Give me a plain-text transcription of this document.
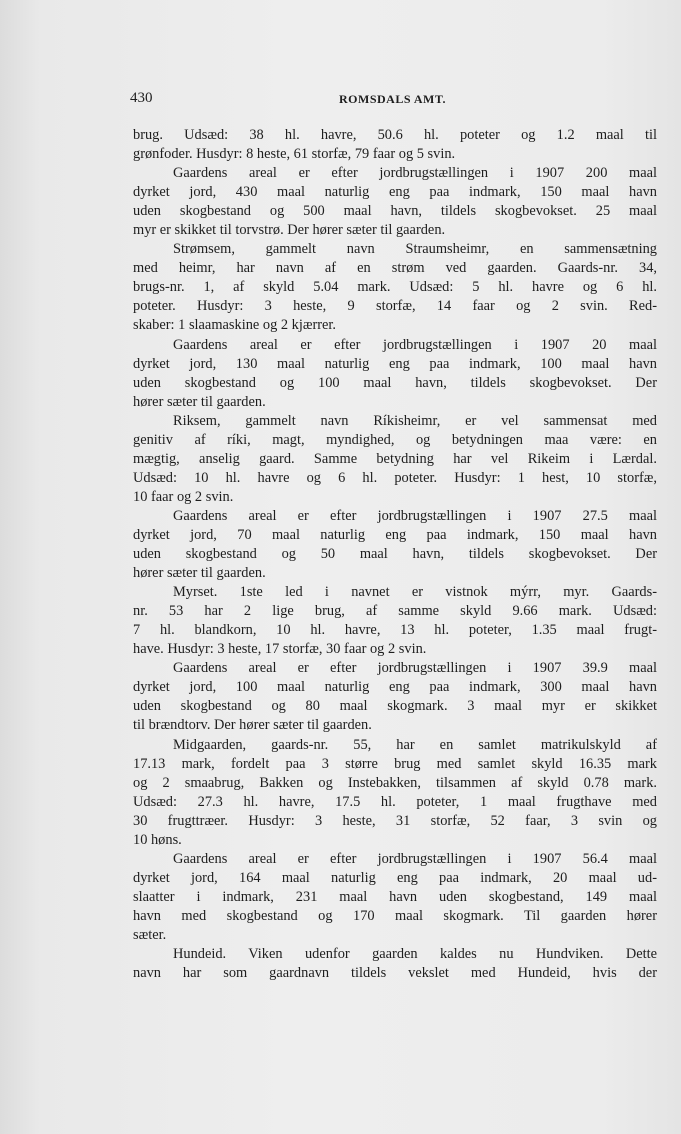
430	ROMSDALS AMT.
brug. Udsæd: 38 hl. havre, 50.6 hl. poteter og 1.2 maal til
grønfoder. Husdyr: 8 heste, 61 storfæ, 79 faar og 5 svin.
Gaardens areal er efter jordbrugstællingen i 1907 200 maal
dyrket jord, 430 maal naturlig eng paa indmark, 150 maal havn
uden skogbestand og 500 maal havn, tildels skogbevokset. 25 maal
myr er skikket til torvstrø. Der hører sæter til gaarden.
Strømsem, gammelt navn Straumsheimr, en sammensætning
med heimr, har navn af en strøm ved gaarden. Gaards-nr. 34,
brugs-nr. 1, af skyld 5.04 mark. Udsæd: 5 hl. havre og 6 hl.
poteter. Husdyr: 3 heste, 9 storfæ, 14 faar og 2 svin. Red-
skaber: 1 slaamaskine og 2 kjærrer.
Gaardens areal er efter jordbrugstællingen i 1907 20 maal
dyrket jord, 130 maal naturlig eng paa indmark, 100 maal havn
uden skogbestand og 100 maal havn, tildels skogbevokset. Der
hører sæter til gaarden.
Riksem, gammelt navn Ríkisheimr, er vel sammensat med
genitiv af ríki, magt, myndighed, og betydningen maa være: en
mægtig, anselig gaard. Samme betydning har vel Rikeim i Lærdal.
Udsæd: 10 hl. havre og 6 hl. poteter. Husdyr: 1 hest, 10 storfæ,
10 faar og 2 svin.
Gaardens areal er efter jordbrugstællingen i 1907 27.5 maal
dyrket jord, 70 maal naturlig eng paa indmark, 150 maal havn
uden skogbestand og 50 maal havn, tildels skogbevokset. Der
hører sæter til gaarden.
Myrset. 1ste led i navnet er vistnok mýrr, myr. Gaards-
nr. 53 har 2 lige brug, af samme skyld 9.66 mark. Udsæd:
7 hl. blandkorn, 10 hl. havre, 13 hl. poteter, 1.35 maal frugt-
have. Husdyr: 3 heste, 17 storfæ, 30 faar og 2 svin.
Gaardens areal er efter jordbrugstællingen i 1907 39.9 maal
dyrket jord, 100 maal naturlig eng paa indmark, 300 maal havn
uden skogbestand og 80 maal skogmark. 3 maal myr er skikket
til brændtorv. Der hører sæter til gaarden.
Midgaarden, gaards-nr. 55, har en samlet matrikulskyld af
17.13 mark, fordelt paa 3 større brug med samlet skyld 16.35 mark
og 2 smaabrug, Bakken og Instebakken, tilsammen af skyld 0.78 mark.
Udsæd: 27.3 hl. havre, 17.5 hl. poteter, 1 maal frugthave med
30 frugttræer. Husdyr: 3 heste, 31 storfæ, 52 faar, 3 svin og
10 høns.
Gaardens areal er efter jordbrugstællingen i 1907 56.4 maal
dyrket jord, 164 maal naturlig eng paa indmark, 20 maal ud-
slaatter i indmark, 231 maal havn uden skogbestand, 149 maal
havn med skogbestand og 170 maal skogmark. Til gaarden hører
sæter.
Hundeid. Viken udenfor gaarden kaldes nu Hundviken. Dette
navn har som gaardnavn tildels vekslet med Hundeid, hvis der
